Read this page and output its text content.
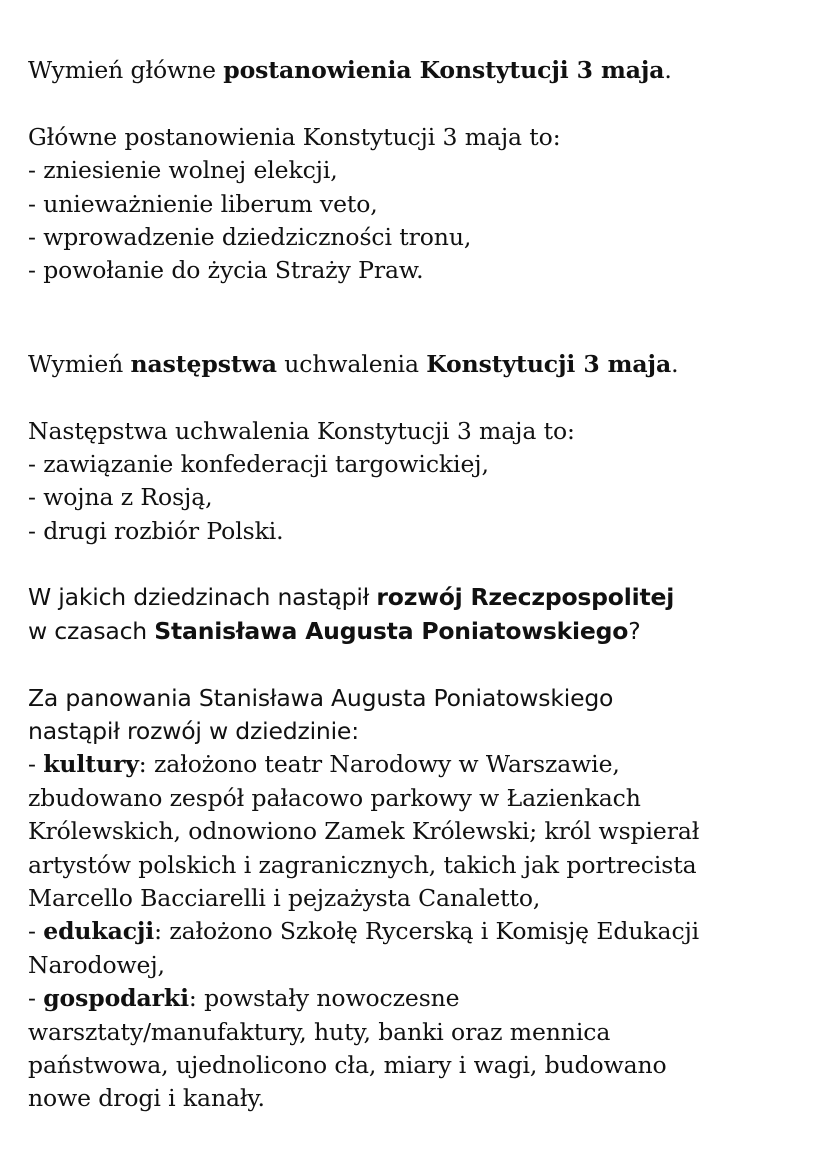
Wymień główne postanowienia Konstytucji 3 maja.
Główne postanowienia Konstytucji 3 maja to:
- zniesienie wolnej elekcji,
- unieważnienie liberum veto,
- wprowadzenie dziedziczności tronu,
- powołanie do życia Straży Praw.
Wymień następstwa uchwalenia Konstytucji 3 maja.
Następstwa uchwalenia Konstytucji 3 maja to:
- zawiązanie konfederacji targowickiej,
- wojna z Rosją,
- drugi rozbiór Polski.
W jakich dziedzinach nastąpił rozwój Rzeczpospolitej
w czasach Stanisława Augusta Poniatowskiego?
Za panowania Stanisława Augusta Poniatowskiego
nastąpił rozwój w dziedzinie:
- kultury: założono teatr Narodowy w Warszawie,
zbudowano zespół pałacowo parkowy w Łazienkach
Królewskich, odnowiono Zamek Królewski; król wspierał
artystów polskich i zagranicznych, takich jak portrecista
Marcello Bacciarelli i pejzażysta Canaletto,
- edukacji: założono Szkołę Rycerską i Komisję Edukacji
Narodowej,
- gospodarki: powstały nowoczesne
warsztaty/manufaktury, huty, banki oraz mennica
państwowa, ujednolicono cła, miary i wagi, budowano
nowe drogi i kanały.
